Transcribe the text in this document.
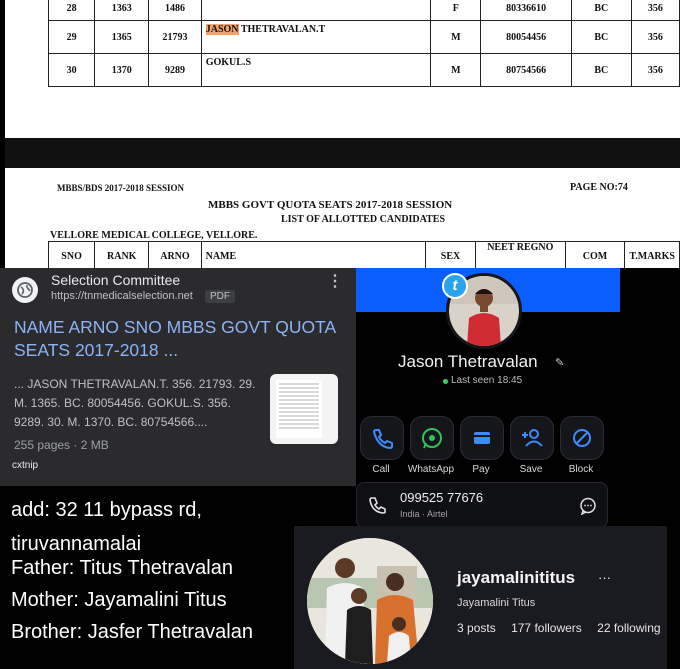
28	1363	1486		F	80336610	BC	356
29	1365	21793	JASON THETRAVALAN.T	M	80054456	BC	356
30	1370	9289	GOKUL.S	M	80754566	BC	356
MBBS/BDS 2017-2018 SESSION	PAGE NO:74
MBBS GOVT QUOTA SEATS 2017-2018 SESSION
LIST OF ALLOTTED CANDIDATES
VELLORE MEDICAL COLLEGE, VELLORE.
SNO	RANK	ARNO	NAME	SEX	NEET REGNO	COM	T.MARKS
Selection Committee
https://tnmedicalselection.net	PDF
⋮
NAME ARNO SNO MBBS GOVT QUOTA SEATS 2017-2018 ...
... JASON THETRAVALAN.T. 356. 21793. 29. M. 1365. BC. 80054456. GOKUL.S. 356. 9289. 30. M. 1370. BC. 80754566....
255 pages · 2 MB
cxtnip
t
Jason Thetravalan ✎
Last seen 18:45
Call	WhatsApp	Pay	Save	Block
099525 77676
India · Airtel
add: 32 11 bypass rd,
tiruvannamalai
Father: Titus Thetravalan
Mother: Jayamalini Titus
Brother: Jasfer Thetravalan
jayamalinititus ···
Jayamalini Titus
3 posts 177 followers 22 following
